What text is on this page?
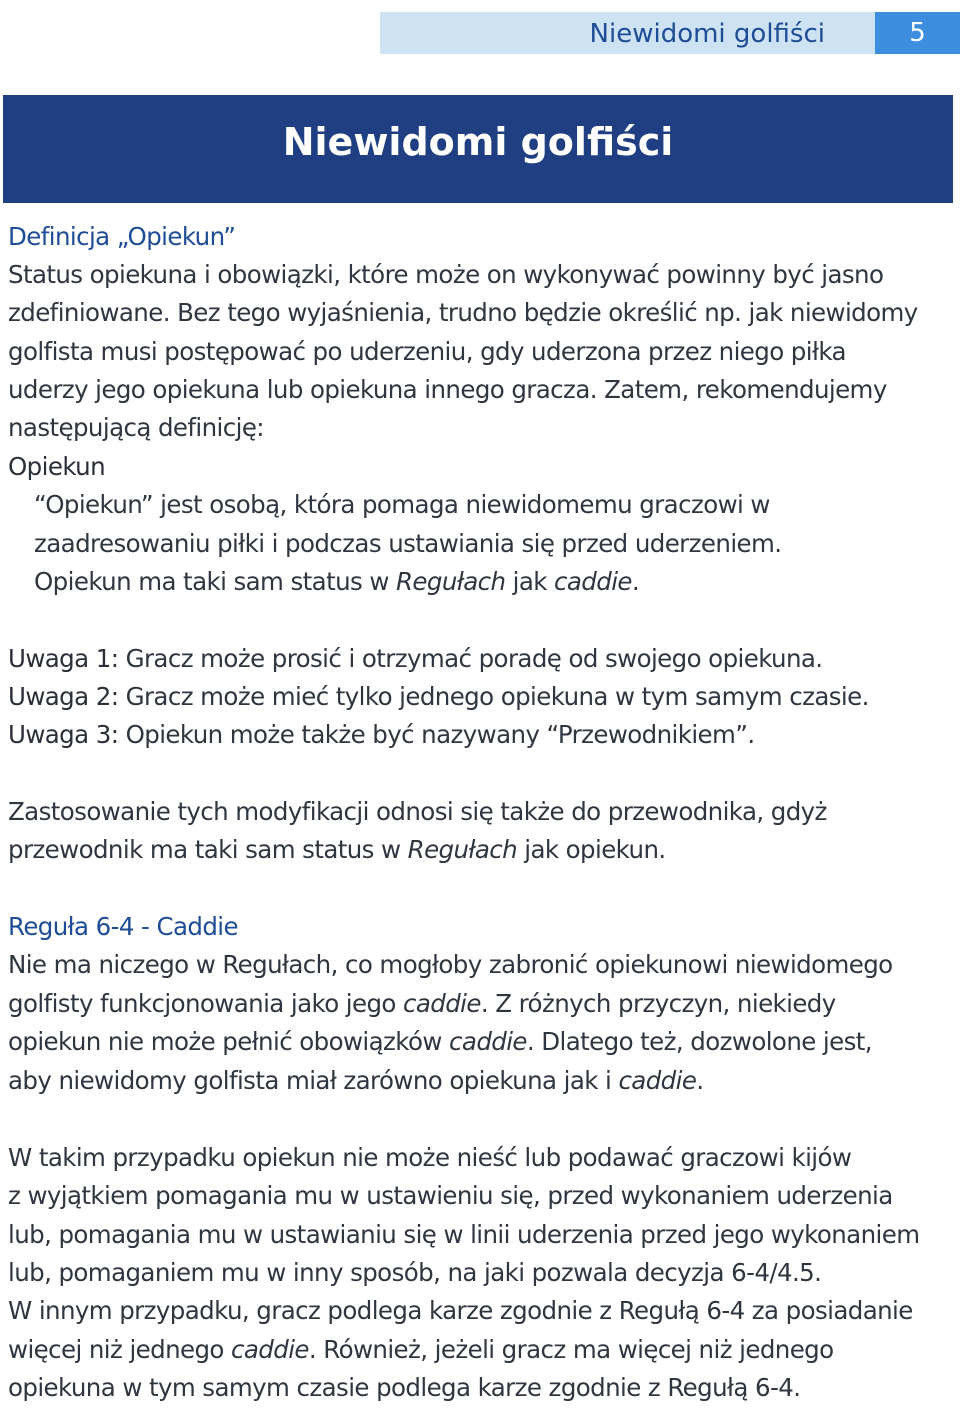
Niewidomi golfiści	5
Niewidomi golfiści
Definicja „Opiekun”
Status opiekuna i obowiązki, które może on wykonywać powinny być jasno
zdefiniowane. Bez tego wyjaśnienia, trudno będzie określić np. jak niewidomy
golfista musi postępować po uderzeniu, gdy uderzona przez niego piłka
uderzy jego opiekuna lub opiekuna innego gracza. Zatem, rekomendujemy
następującą definicję:
Opiekun
“Opiekun” jest osobą, która pomaga niewidomemu graczowi w
zaadresowaniu piłki i podczas ustawiania się przed uderzeniem.
Opiekun ma taki sam status w Regułach jak caddie.
Uwaga 1: Gracz może prosić i otrzymać poradę od swojego opiekuna.
Uwaga 2: Gracz może mieć tylko jednego opiekuna w tym samym czasie.
Uwaga 3: Opiekun może także być nazywany “Przewodnikiem”.
Zastosowanie tych modyfikacji odnosi się także do przewodnika, gdyż
przewodnik ma taki sam status w Regułach jak opiekun.
Reguła 6-4 - Caddie
Nie ma niczego w Regułach, co mogłoby zabronić opiekunowi niewidomego
golfisty funkcjonowania jako jego caddie. Z różnych przyczyn, niekiedy
opiekun nie może pełnić obowiązków caddie. Dlatego też, dozwolone jest,
aby niewidomy golfista miał zarówno opiekuna jak i caddie.
W takim przypadku opiekun nie może nieść lub podawać graczowi kijów
z wyjątkiem pomagania mu w ustawieniu się, przed wykonaniem uderzenia
lub, pomagania mu w ustawianiu się w linii uderzenia przed jego wykonaniem
lub, pomaganiem mu w inny sposób, na jaki pozwala decyzja 6-4/4.5.
W innym przypadku, gracz podlega karze zgodnie z Regułą 6-4 za posiadanie
więcej niż jednego caddie. Również, jeżeli gracz ma więcej niż jednego
opiekuna w tym samym czasie podlega karze zgodnie z Regułą 6-4.
